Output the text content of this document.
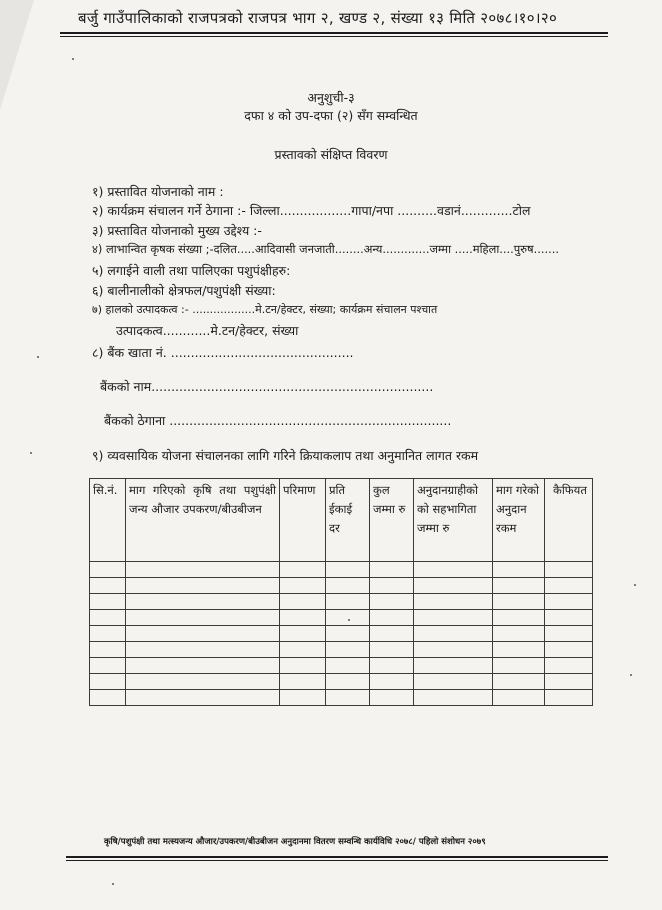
बर्जु गाउँपालिकाको राजपत्रको राजपत्र भाग २, खण्ड २, संख्या १३ मिति २०७८।१०।२०
अनुशुची-३
दफा ४ को उप-दफा (२) सँग सम्वन्धित
प्रस्तावको संक्षिप्त विवरण
१) प्रस्तावित योजनाको नाम :
२) कार्यक्रम संचालन गर्ने ठेगाना :- जिल्ला..................गापा/नपा ..........वडानं.............टोल
३) प्रस्तावित योजनाको मुख्य उद्देश्य :-
४) लाभान्वित कृषक संख्या ;-दलित.....आदिवासी जनजाती........अन्य.............जम्मा .....महिला....पुरुष.......
५) लगाईने वाली तथा पालिएका पशुपंक्षीहरु:
६) बालीनालीको क्षेत्रफल/पशुपंक्षी संख्या:
७) हालको उत्पादकत्व :- ..................मे.टन/हेक्टर, संख्या; कार्यक्रम संचालन पश्चात
उत्पादकत्व............मे.टन/हेक्टर, संख्या
८) बैंक खाता नं. ..............................................
बैंकको नाम.......................................................................
बैंकको ठेगाना .......................................................................
९) व्यवसायिक योजना संचालनका लागि गरिने क्रियाकलाप तथा अनुमानित लागत रकम
सि.नं.	माग गरिएको कृषि तथा पशुपंक्षी जन्य औजार उपकरण/बीउबीजन	परिमाण	प्रति ईकाई दर	कुल जम्मा रु	अनुदानग्राहीको को सहभागिता जम्मा रु	माग गरेको अनुदान रकम	कैफियत

कृषि/पशुपंक्षी तथा मत्स्यजन्य औजार/उपकरण/बीउबीजन अनुदानमा वितरण सम्वन्धि कार्यविधि २०७८/ पहिलो संशोधन २०७९
